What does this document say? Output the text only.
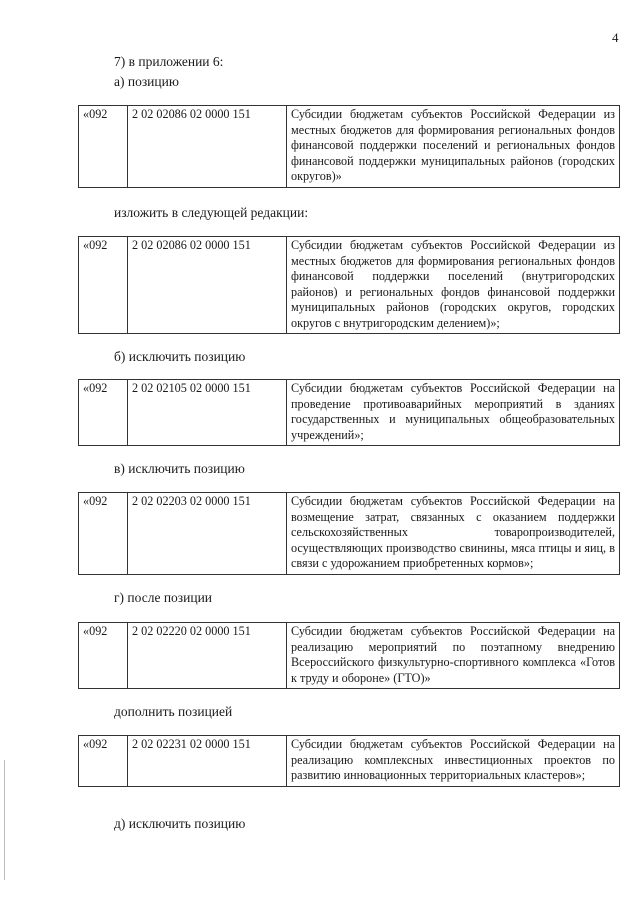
4
7) в приложении 6:
а) позицию
«092	2 02 02086 02 0000 151	Субсидии бюджетам субъектов Российской Федерации из местных бюджетов для формирования региональных фондов финансовой поддержки поселений и региональных фондов финансовой поддержки муниципальных районов (городских округов)»
изложить в следующей редакции:
«092	2 02 02086 02 0000 151	Субсидии бюджетам субъектов Российской Федерации из местных бюджетов для формирования региональных фондов финансовой поддержки поселений (внутригородских районов) и региональных фондов финансовой поддержки муниципальных районов (городских округов, городских округов с внутригородским делением)»;
б) исключить позицию
«092	2 02 02105 02 0000 151	Субсидии бюджетам субъектов Российской Федерации на проведение противоаварийных мероприятий в зданиях государственных и муниципальных общеобразовательных учреждений»;
в) исключить позицию
«092	2 02 02203 02 0000 151	Субсидии бюджетам субъектов Российской Федерации на возмещение затрат, связанных с оказанием поддержки сельскохозяйственных товаропроизводителей, осуществляющих производство свинины, мяса птицы и яиц, в связи с удорожанием приобретенных кормов»;
г) после позиции
«092	2 02 02220 02 0000 151	Субсидии бюджетам субъектов Российской Федерации на реализацию мероприятий по поэтапному внедрению Всероссийского физкультурно-спортивного комплекса «Готов к труду и обороне» (ГТО)»
дополнить позицией
«092	2 02 02231 02 0000 151	Субсидии бюджетам субъектов Российской Федерации на реализацию комплексных инвестиционных проектов по развитию инновационных территориальных кластеров»;
д) исключить позицию
